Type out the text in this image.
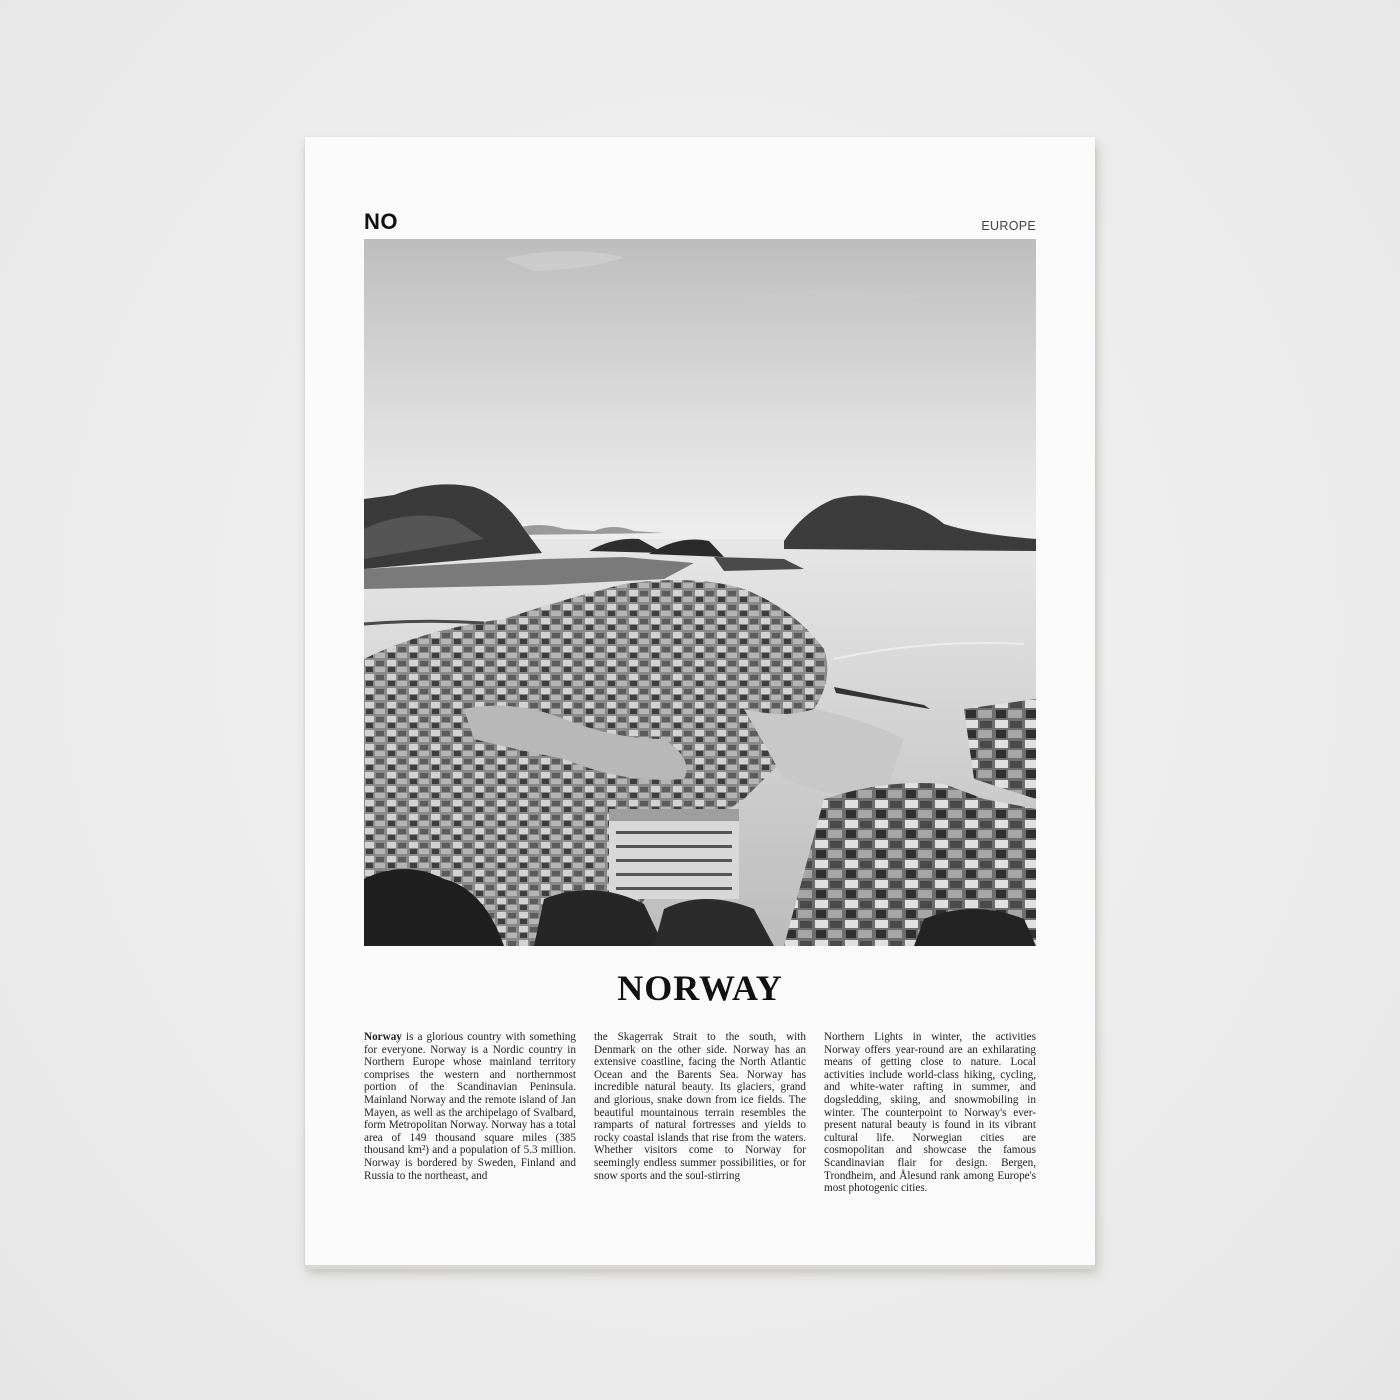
NO	EUROPE

NORWAY

Norway is a glorious country with something for everyone. Norway is a Nordic country in Northern Europe whose mainland territory comprises the western and northernmost portion of the Scandinavian Peninsula. Mainland Norway and the remote island of Jan Mayen, as well as the archipelago of Svalbard, form Metropolitan Norway. Norway has a total area of 149 thousand square miles (385 thousand km²) and a population of 5.3 million. Norway is bordered by Sweden, Finland and Russia to the northeast, and

the Skagerrak Strait to the south, with Denmark on the other side. Norway has an extensive coastline, facing the North Atlantic Ocean and the Barents Sea. Norway has incredible natural beauty. Its glaciers, grand and glorious, snake down from ice fields. The beautiful mountainous terrain resembles the ramparts of natural fortresses and yields to rocky coastal islands that rise from the waters. Whether visitors come to Norway for seemingly endless summer possibilities, or for snow sports and the soul-stirring

Northern Lights in winter, the activities Norway offers year-round are an exhilarating means of getting close to nature. Local activities include world-class hiking, cycling, and white-water rafting in summer, and dogsledding, skiing, and snowmobiling in winter. The counterpoint to Norway's ever-present natural beauty is found in its vibrant cultural life. Norwegian cities are cosmopolitan and showcase the famous Scandinavian flair for design. Bergen, Trondheim, and Ålesund rank among Europe's most photogenic cities.
